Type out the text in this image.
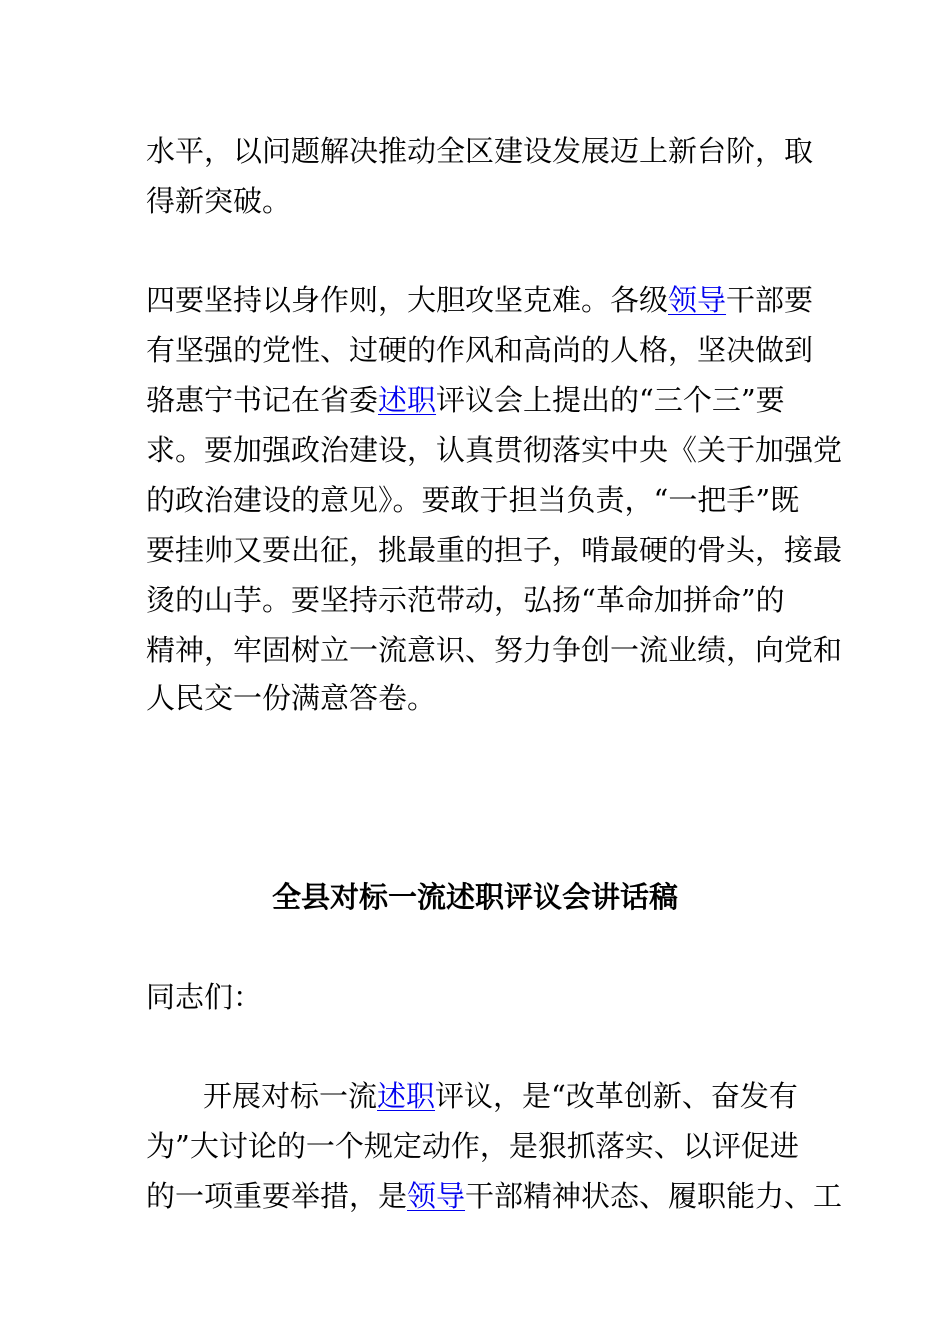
水平，以问题解决推动全区建设发展迈上新台阶，取
得新突破。
四要坚持以身作则，大胆攻坚克难。各级领导干部要
有坚强的党性、过硬的作风和高尚的人格，坚决做到
骆惠宁书记在省委述职评议会上提出的“三个三”要
求。要加强政治建设，认真贯彻落实中央《关于加强党
的政治建设的意见》。要敢于担当负责，“一把手”既
要挂帅又要出征，挑最重的担子，啃最硬的骨头，接最
烫的山芋。要坚持示范带动，弘扬“革命加拼命”的
精神，牢固树立一流意识、努力争创一流业绩，向党和
人民交一份满意答卷。
全县对标一流述职评议会讲话稿
同志们：
开展对标一流述职评议，是“改革创新、奋发有
为”大讨论的一个规定动作，是狠抓落实、以评促进
的一项重要举措，是领导干部精神状态、履职能力、工
